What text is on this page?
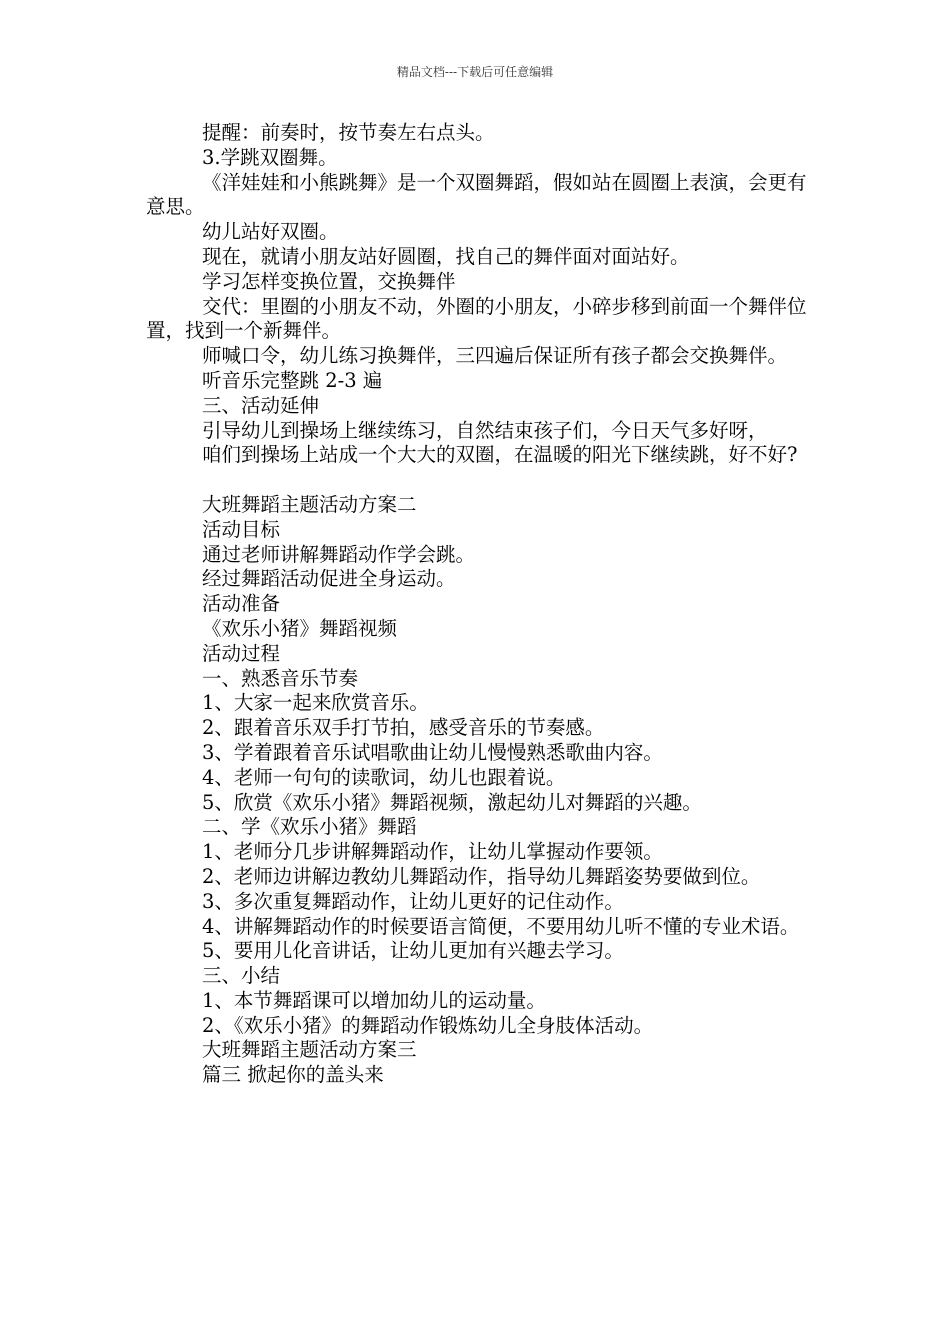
精品文档---下载后可任意编辑

提醒：前奏时，按节奏左右点头。

3.学跳双圈舞。

《洋娃娃和小熊跳舞》是一个双圈舞蹈，假如站在圆圈上表演，会更有意思。

幼儿站好双圈。

现在，就请小朋友站好圆圈，找自己的舞伴面对面站好。

学习怎样变换位置，交换舞伴

交代：里圈的小朋友不动，外圈的小朋友，小碎步移到前面一个舞伴位置，找到一个新舞伴。

师喊口令，幼儿练习换舞伴，三四遍后保证所有孩子都会交换舞伴。

听音乐完整跳 2-3 遍

三、活动延伸

引导幼儿到操场上继续练习，自然结束孩子们，今日天气多好呀，

咱们到操场上站成一个大大的双圈，在温暖的阳光下继续跳，好不好?

大班舞蹈主题活动方案二

活动目标

通过老师讲解舞蹈动作学会跳。

经过舞蹈活动促进全身运动。

活动准备

《欢乐小猪》舞蹈视频

活动过程

一、熟悉音乐节奏

1、大家一起来欣赏音乐。

2、跟着音乐双手打节拍，感受音乐的节奏感。

3、学着跟着音乐试唱歌曲让幼儿慢慢熟悉歌曲内容。

4、老师一句句的读歌词，幼儿也跟着说。

5、欣赏《欢乐小猪》舞蹈视频，激起幼儿对舞蹈的兴趣。

二、学《欢乐小猪》舞蹈

1、老师分几步讲解舞蹈动作，让幼儿掌握动作要领。

2、老师边讲解边教幼儿舞蹈动作，指导幼儿舞蹈姿势要做到位。

3、多次重复舞蹈动作，让幼儿更好的记住动作。

4、讲解舞蹈动作的时候要语言简便，不要用幼儿听不懂的专业术语。

5、要用儿化音讲话，让幼儿更加有兴趣去学习。

三、小结

1、本节舞蹈课可以增加幼儿的运动量。

2、《欢乐小猪》的舞蹈动作锻炼幼儿全身肢体活动。

大班舞蹈主题活动方案三

篇三 掀起你的盖头来
